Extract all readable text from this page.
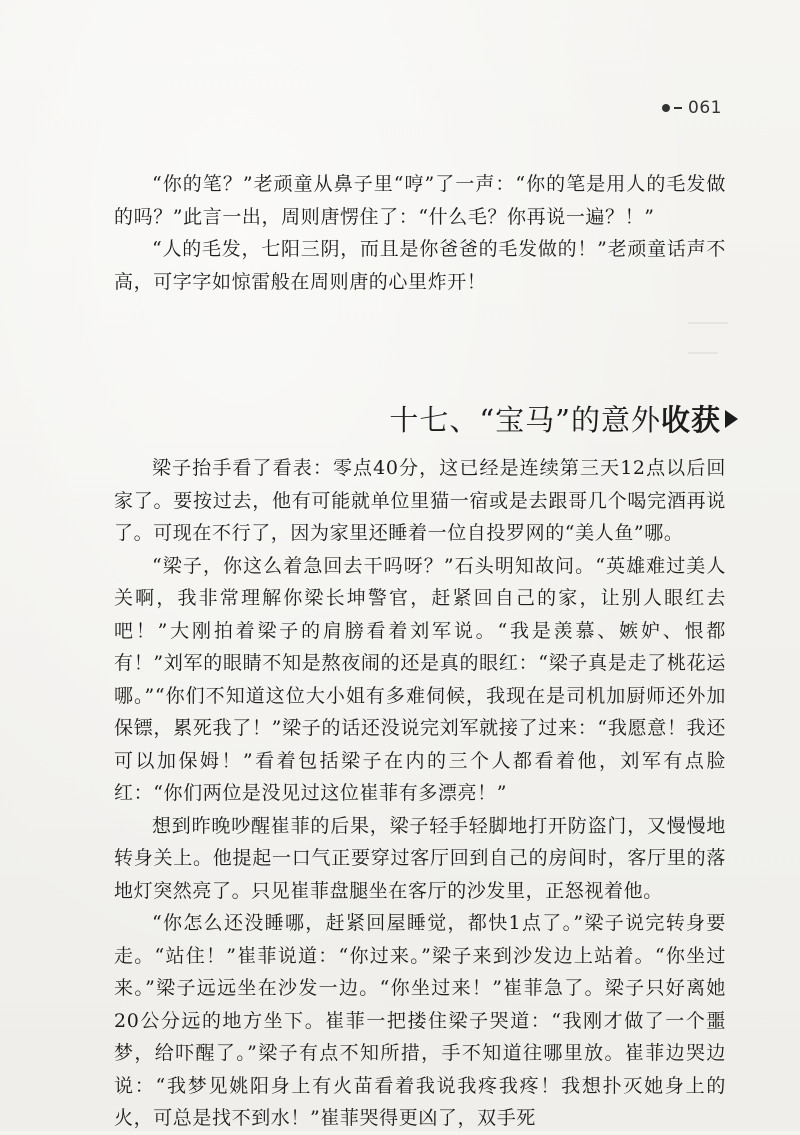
061

“你的笔？”老顽童从鼻子里“哼”了一声：“你的笔是用人的毛发做的吗？”此言一出，周则唐愣住了：“什么毛？你再说一遍？！”

“人的毛发，七阳三阴，而且是你爸爸的毛发做的！”老顽童话声不高，可字字如惊雷般在周则唐的心里炸开！

十七、“宝马”的意外 收获

梁子抬手看了看表：零点40分，这已经是连续第三天12点以后回家了。要按过去，他有可能就单位里猫一宿或是去跟哥几个喝完酒再说了。可现在不行了，因为家里还睡着一位自投罗网的“美人鱼”哪。

“梁子，你这么着急回去干吗呀？”石头明知故问。“英雄难过美人关啊，我非常理解你梁长坤警官，赶紧回自己的家，让别人眼红去吧！”大刚拍着梁子的肩膀看着刘军说。“我是羡慕、嫉妒、恨都有！”刘军的眼睛不知是熬夜闹的还是真的眼红：“梁子真是走了桃花运哪。”“你们不知道这位大小姐有多难伺候，我现在是司机加厨师还外加保镖，累死我了！”梁子的话还没说完刘军就接了过来：“我愿意！我还可以加保姆！”看着包括梁子在内的三个人都看着他，刘军有点脸红：“你们两位是没见过这位崔菲有多漂亮！”

想到昨晚吵醒崔菲的后果，梁子轻手轻脚地打开防盗门，又慢慢地转身关上。他提起一口气正要穿过客厅回到自己的房间时，客厅里的落地灯突然亮了。只见崔菲盘腿坐在客厅的沙发里，正怒视着他。

“你怎么还没睡哪，赶紧回屋睡觉，都快1点了。”梁子说完转身要走。“站住！”崔菲说道：“你过来。”梁子来到沙发边上站着。“你坐过来。”梁子远远坐在沙发一边。“你坐过来！”崔菲急了。梁子只好离她20公分远的地方坐下。崔菲一把搂住梁子哭道：“我刚才做了一个噩梦，给吓醒了。”梁子有点不知所措，手不知道往哪里放。崔菲边哭边说：“我梦见姚阳身上有火苗看着我说我疼我疼！我想扑灭她身上的火，可总是找不到水！”崔菲哭得更凶了，双手死
